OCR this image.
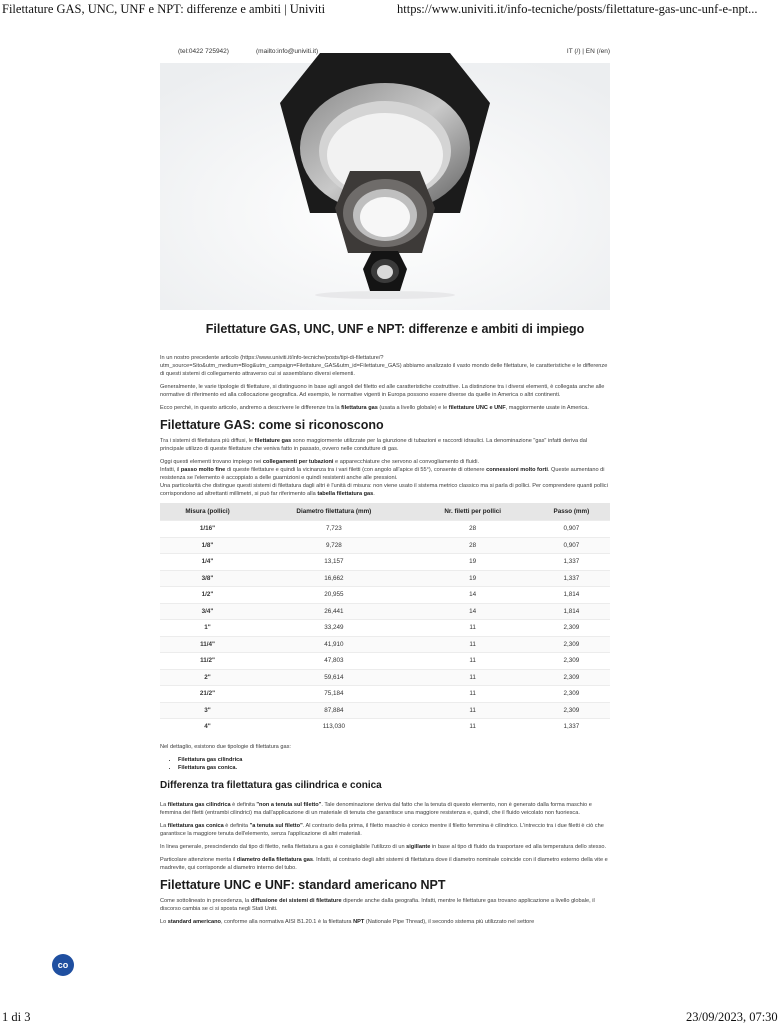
Filettature GAS, UNC, UNF e NPT: differenze e ambiti | Univiti	https://www.univiti.it/info-tecniche/posts/filettature-gas-unc-unf-e-npt...
(tel:0422 725942)	(mailto:info@univiti.it)	IT (/) | EN (/en)
Filettature GAS, UNC, UNF e NPT: differenze e ambiti di impiego
In un nostro precedente articolo (https://www.univiti.it/info-tecniche/posts/tipi-di-filettature/?utm_source=Sito&utm_medium=Blog&utm_campaign=Filettature_GAS&utm_id=Filettature_GAS) abbiamo analizzato il vasto mondo delle filettature, le caratteristiche e le differenze di questi sistemi di collegamento attraverso cui si assemblano diversi elementi.
Generalmente, le varie tipologie di filettature, si distinguono in base agli angoli del filetto ed alle caratteristiche costruttive. La distinzione tra i diversi elementi, è collegata anche alle normative di riferimento ed alla collocazione geografica. Ad esempio, le normative vigenti in Europa possono essere diverse da quelle in America o altri continenti.
Ecco perché, in questo articolo, andremo a descrivere le differenze tra la filettatura gas (usata a livello globale) e le filettature UNC e UNF, maggiormente usate in America.
Filettature GAS: come si riconoscono
Tra i sistemi di filettatura più diffusi, le filettature gas sono maggiormente utilizzate per la giunzione di tubazioni e raccordi idraulici. La denominazione "gas" infatti deriva dal principale utilizzo di queste filettature che veniva fatto in passato, ovvero nelle condutture di gas.
Oggi questi elementi trovano impiego nei collegamenti per tubazioni e apparecchiature che servono al convogliamento di fluidi.
Infatti, il passo molto fine di queste filettature e quindi la vicinanza tra i vari filetti (con angolo all'apice di 55°), consente di ottenere connessioni molto forti. Queste aumentano di resistenza se l'elemento è accoppiato a delle guarnizioni e quindi resistenti anche alle pressioni.
Una particolarità che distingue questi sistemi di filettatura dagli altri è l'unità di misura: non viene usato il sistema metrico classico ma si parla di pollici. Per comprendere quanti pollici corrispondono ad altrettanti millimetri, si può far riferimento alla tabella filettatura gas.
Misura (pollici)	Diametro filettatura (mm)	Nr. filetti per pollici	Passo (mm)
1/16"	7,723	28	0,907
1/8"	9,728	28	0,907
1/4"	13,157	19	1,337
3/8"	16,662	19	1,337
1/2"	20,955	14	1,814
3/4"	26,441	14	1,814
1"	33,249	11	2,309
11/4"	41,910	11	2,309
11/2"	47,803	11	2,309
2"	59,614	11	2,309
21/2"	75,184	11	2,309
3"	87,884	11	2,309
4"	113,030	11	1,337
Nel dettaglio, esistono due tipologie di filettatura gas:
• Filettatura gas cilindrica
• Filettatura gas conica.
Differenza tra filettatura gas cilindrica e conica
La filettatura gas cilindrica è definita "non a tenuta sul filetto". Tale denominazione deriva dal fatto che la tenuta di questo elemento, non è generato dalla forma maschio e femmina dei filetti (entrambi cilindrici) ma dall'applicazione di un materiale di tenuta che garantisce una maggiore resistenza e, quindi, che il fluido veicolato non fuoriesca.
La filettatura gas conica è definita "a tenuta sul filetto". Al contrario della prima, il filetto maschio è conico mentre il filetto femmina è cilindrico. L'intreccio tra i due filetti è ciò che garantisce la maggiore tenuta dell'elemento, senza l'applicazione di altri materiali.
In linea generale, prescindendo dal tipo di filetto, nella filettatura a gas è consigliabile l'utilizzo di un sigillante in base al tipo di fluido da trasportare ed alla temperatura dello stesso.
Particolare attenzione merita il diametro della filettatura gas. Infatti, al contrario degli altri sistemi di filettatura dove il diametro nominale coincide con il diametro esterno della vite e madrevite, qui corrisponde al diametro interno del tubo.
Filettature UNC e UNF: standard americano NPT
Come sottolineato in precedenza, la diffusione dei sistemi di filettature dipende anche dalla geografia. Infatti, mentre le filettature gas trovano applicazione a livello globale, il discorso cambia se ci si sposta negli Stati Uniti.
Lo standard americano, conforme alla normativa AISI B1.20.1 è la filettatura NPT (Nationale Pipe Thread), il secondo sistema più utilizzato nel settore
co
1 di 3	23/09/2023, 07:30
